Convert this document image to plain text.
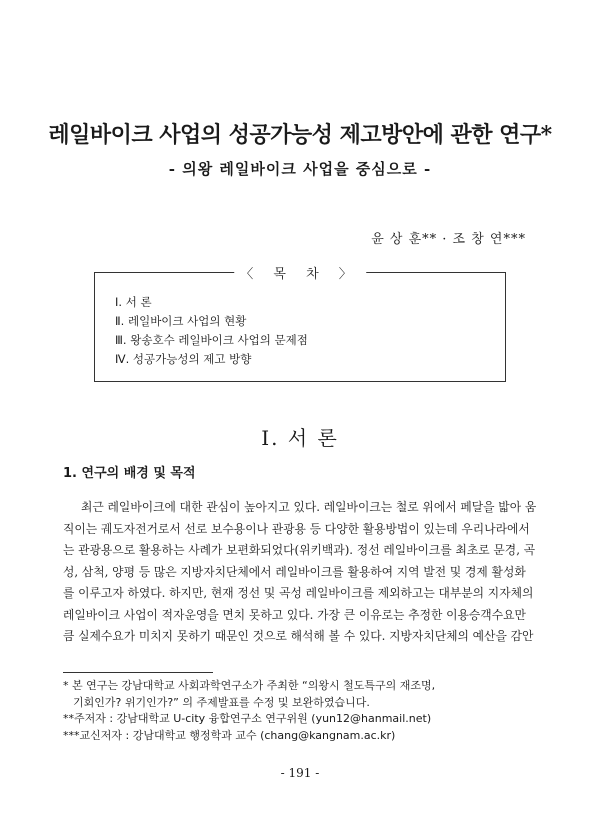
레일바이크 사업의 성공가능성 제고방안에 관한 연구*
- 의왕 레일바이크 사업을 중심으로 -
윤 상 훈** · 조 창 연***
〈 목 차 〉
Ⅰ. 서 론
Ⅱ. 레일바이크 사업의 현황
Ⅲ. 왕송호수 레일바이크 사업의 문제점
Ⅳ. 성공가능성의 제고 방향
Ⅰ. 서 론
1. 연구의 배경 및 목적
최근 레일바이크에 대한 관심이 높아지고 있다. 레일바이크는 철로 위에서 페달을 밟아 움
직이는 궤도자전거로서 선로 보수용이나 관광용 등 다양한 활용방법이 있는데 우리나라에서
는 관광용으로 활용하는 사례가 보편화되었다(위키백과). 정선 레일바이크를 최초로 문경, 곡
성, 삼척, 양평 등 많은 지방자치단체에서 레일바이크를 활용하여 지역 발전 및 경제 활성화
를 이루고자 하였다. 하지만, 현재 정선 및 곡성 레일바이크를 제외하고는 대부분의 지자체의
레일바이크 사업이 적자운영을 면치 못하고 있다. 가장 큰 이유로는 추정한 이용승객수요만
큼 실제수요가 미치지 못하기 때문인 것으로 해석해 볼 수 있다. 지방자치단체의 예산을 감안
* 본 연구는 강남대학교 사회과학연구소가 주최한 “의왕시 철도특구의 재조명,
기회인가? 위기인가?” 의 주제발표를 수정 및 보완하였습니다.
**주저자 : 강남대학교 U-city 융합연구소 연구위원 (yun12@hanmail.net)
***교신저자 : 강남대학교 행정학과 교수 (chang@kangnam.ac.kr)
- 191 -
